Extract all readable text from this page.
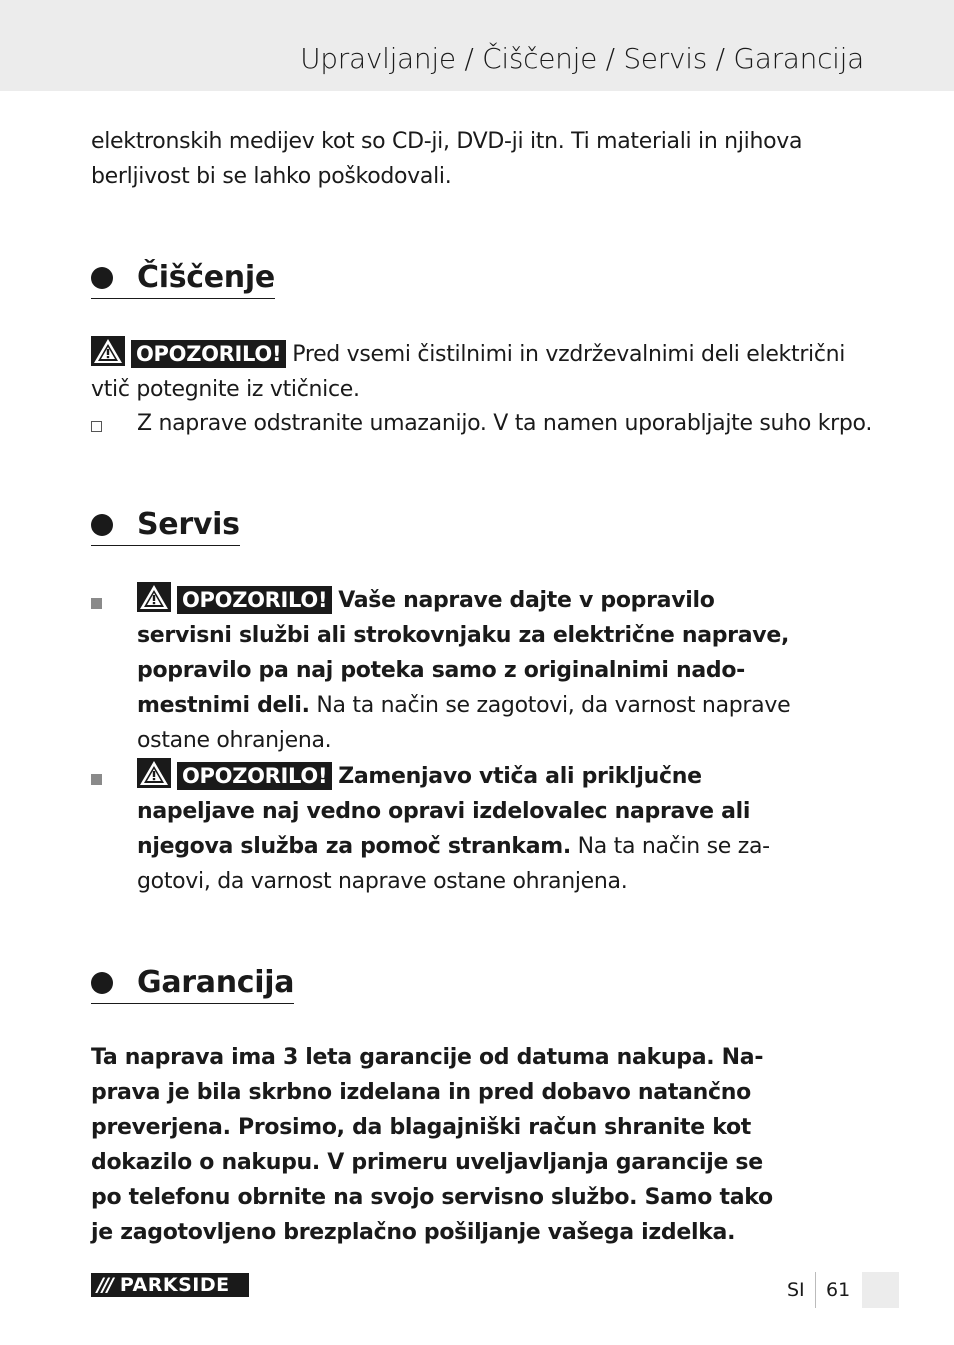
Upravljanje / Čiščenje / Servis / Garancija
elektronskih medijev kot so CD-ji, DVD-ji itn. Ti materiali in njihova
berljivost bi se lahko poškodovali.
Čiščenje
OPOZORILO! Pred vsemi čistilnimi in vzdrževalnimi deli električni
vtič potegnite iz vtičnice.
Z naprave odstranite umazanijo. V ta namen uporabljajte suho krpo.
Servis
OPOZORILO! Vaše naprave dajte v popravilo
servisni službi ali strokovnjaku za električne naprave,
popravilo pa naj poteka samo z originalnimi nado-
mestnimi deli. Na ta način se zagotovi, da varnost naprave
ostane ohranjena.
OPOZORILO! Zamenjavo vtiča ali priključne
napeljave naj vedno opravi izdelovalec naprave ali
njegova služba za pomoč strankam. Na ta način se za-
gotovi, da varnost naprave ostane ohranjena.
Garancija
Ta naprava ima 3 leta garancije od datuma nakupa. Na-
prava je bila skrbno izdelana in pred dobavo natančno
preverjena. Prosimo, da blagajniški račun shranite kot
dokazilo o nakupu. V primeru uveljavljanja garancije se
po telefonu obrnite na svojo servisno službo. Samo tako
je zagotovljeno brezplačno pošiljanje vašega izdelka.
/// PARKSIDE	SI 61
